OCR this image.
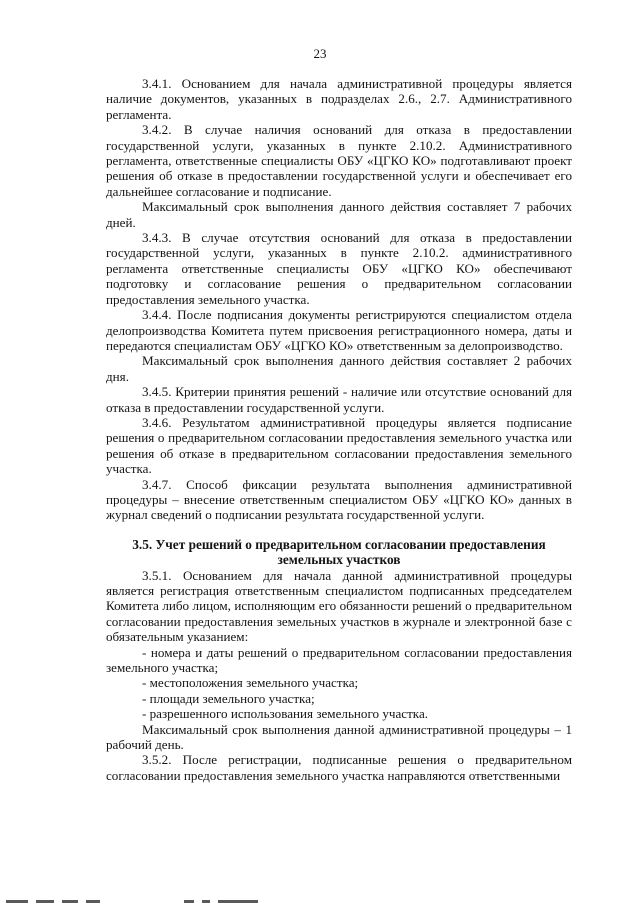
23

3.4.1. Основанием для начала административной процедуры является наличие документов, указанных в подразделах 2.6., 2.7. Административного регламента.

3.4.2. В случае наличия оснований для отказа в предоставлении государственной услуги, указанных в пункте 2.10.2. Административного регламента, ответственные специалисты ОБУ «ЦГКО КО» подготавливают проект решения об отказе в предоставлении государственной услуги и обеспечивает его дальнейшее согласование и подписание.

Максимальный срок выполнения данного действия составляет 7 рабочих дней.

3.4.3. В случае отсутствия оснований для отказа в предоставлении государственной услуги, указанных в пункте 2.10.2. административного регламента ответственные специалисты ОБУ «ЦГКО КО» обеспечивают подготовку и согласование решения о предварительном согласовании предоставления земельного участка.

3.4.4. После подписания документы регистрируются специалистом отдела делопроизводства Комитета путем присвоения регистрационного номера, даты и передаются специалистам ОБУ «ЦГКО КО» ответственным за делопроизводство.

Максимальный срок выполнения данного действия составляет 2 рабочих дня.

3.4.5. Критерии принятия решений - наличие или отсутствие оснований для отказа в предоставлении государственной услуги.

3.4.6. Результатом административной процедуры является подписание решения о предварительном согласовании предоставления земельного участка или решения об отказе в предварительном согласовании предоставления земельного участка.

3.4.7. Способ фиксации результата выполнения административной процедуры – внесение ответственным специалистом ОБУ «ЦГКО КО» данных в журнал сведений о подписании результата государственной услуги.

3.5. Учет решений о предварительном согласовании предоставления земельных участков

3.5.1. Основанием для начала данной административной процедуры является регистрация ответственным специалистом подписанных председателем Комитета либо лицом, исполняющим его обязанности решений о предварительном согласовании предоставления земельных участков в журнале и электронной базе с обязательным указанием:

- номера и даты решений о предварительном согласовании предоставления земельного участка;
- местоположения земельного участка;
- площади земельного участка;
- разрешенного использования земельного участка.

Максимальный срок выполнения данной административной процедуры – 1 рабочий день.

3.5.2. После регистрации, подписанные решения о предварительном согласовании предоставления земельного участка направляются ответственными
